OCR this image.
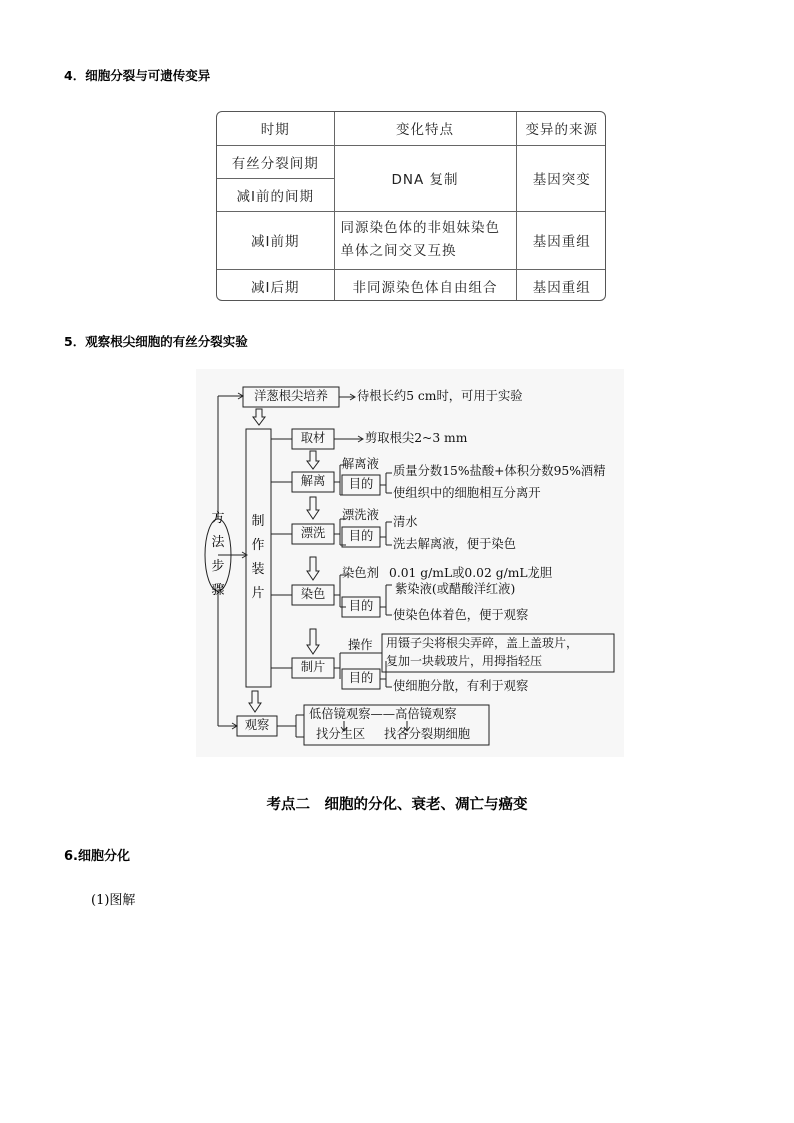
4．细胞分裂与可遗传变异
时期	变化特点	变异的来源
有丝分裂间期	DNA 复制	基因突变
减Ⅰ前的间期		
减Ⅰ前期	同源染色体的非姐妹染色单体之间交叉互换	基因重组
减Ⅰ后期	非同源染色体自由组合	基因重组
5．观察根尖细胞的有丝分裂实验
方
法
步
骤
制
作
装
片
洋葱根尖培养	待根长约5 cm时，可用于实验
取材	剪取根尖2~3 mm
解离
解离液
目的
质量分数15%盐酸+体积分数95%酒精
使组织中的细胞相互分离开
漂洗
漂洗液
目的
清水
洗去解离液，便于染色
染色
染色剂
目的
0.01 g/mL或0.02 g/mL龙胆
紫染液(或醋酸洋红液)
使染色体着色，便于观察
制片
操作
目的
用镊子尖将根尖弄碎，盖上盖玻片，
复加一块载玻片，用拇指轻压
使细胞分散，有利于观察
观察
低倍镜观察——高倍镜观察
找分生区 找各分裂期细胞
考点二　细胞的分化、衰老、凋亡与癌变
6.细胞分化
(1)图解
